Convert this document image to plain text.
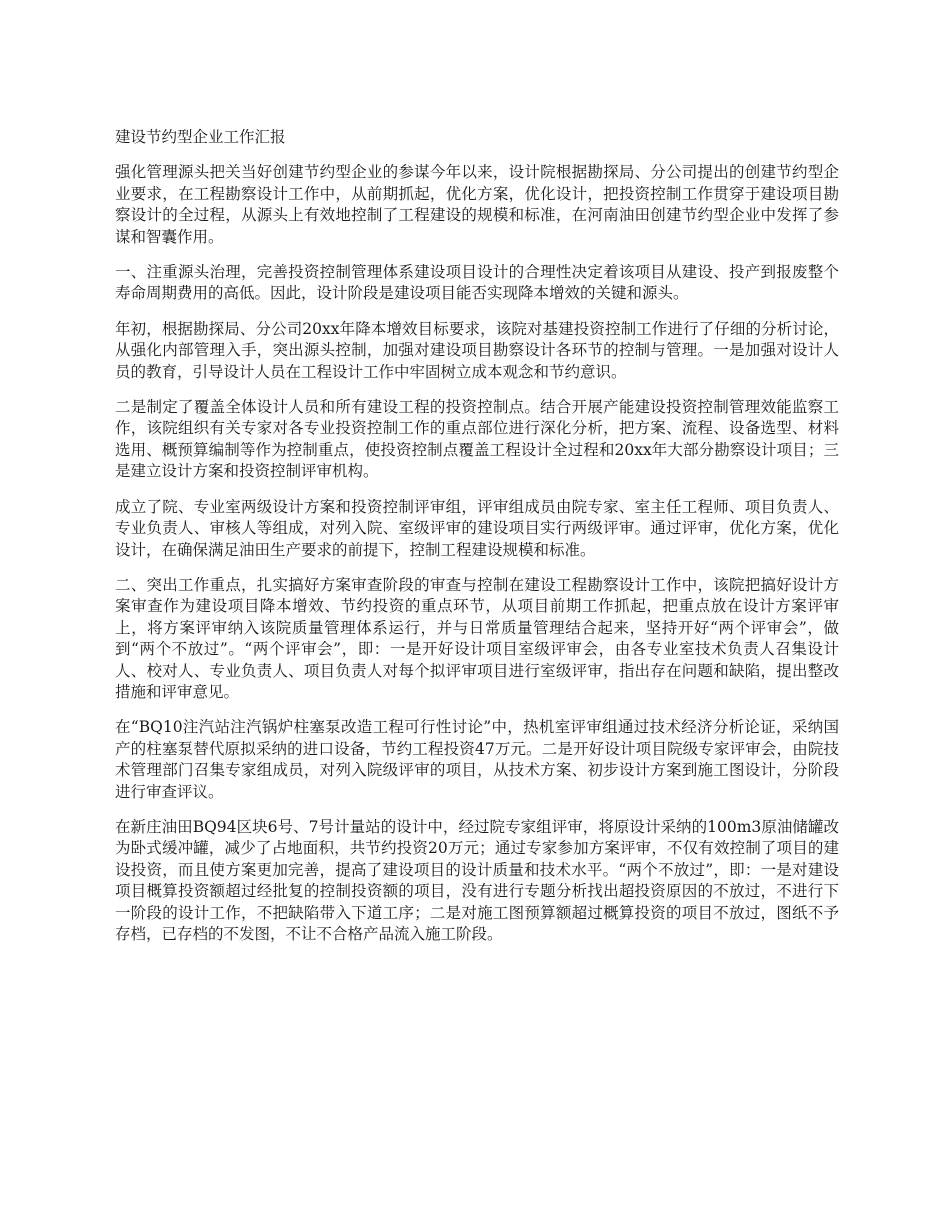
建设节约型企业工作汇报

强化管理源头把关当好创建节约型企业的参谋今年以来，设计院根据勘探局、分公司提出的创建节约型企业要求，在工程勘察设计工作中，从前期抓起，优化方案，优化设计，把投资控制工作贯穿于建设项目勘察设计的全过程，从源头上有效地控制了工程建设的规模和标准，在河南油田创建节约型企业中发挥了参谋和智囊作用。

一、注重源头治理，完善投资控制管理体系建设项目设计的合理性决定着该项目从建设、投产到报废整个寿命周期费用的高低。因此，设计阶段是建设项目能否实现降本增效的关键和源头。

年初，根据勘探局、分公司20xx年降本增效目标要求，该院对基建投资控制工作进行了仔细的分析讨论，从强化内部管理入手，突出源头控制，加强对建设项目勘察设计各环节的控制与管理。一是加强对设计人员的教育，引导设计人员在工程设计工作中牢固树立成本观念和节约意识。

二是制定了覆盖全体设计人员和所有建设工程的投资控制点。结合开展产能建设投资控制管理效能监察工作，该院组织有关专家对各专业投资控制工作的重点部位进行深化分析，把方案、流程、设备选型、材料选用、概预算编制等作为控制重点，使投资控制点覆盖工程设计全过程和20xx年大部分勘察设计项目；三是建立设计方案和投资控制评审机构。

成立了院、专业室两级设计方案和投资控制评审组，评审组成员由院专家、室主任工程师、项目负责人、专业负责人、审核人等组成，对列入院、室级评审的建设项目实行两级评审。通过评审，优化方案，优化设计，在确保满足油田生产要求的前提下，控制工程建设规模和标准。

二、突出工作重点，扎实搞好方案审查阶段的审查与控制在建设工程勘察设计工作中，该院把搞好设计方案审查作为建设项目降本增效、节约投资的重点环节，从项目前期工作抓起，把重点放在设计方案评审上，将方案评审纳入该院质量管理体系运行，并与日常质量管理结合起来，坚持开好“两个评审会”，做到“两个不放过”。“两个评审会”，即：一是开好设计项目室级评审会，由各专业室技术负责人召集设计人、校对人、专业负责人、项目负责人对每个拟评审项目进行室级评审，指出存在问题和缺陷，提出整改措施和评审意见。

在“BQ10注汽站注汽锅炉柱塞泵改造工程可行性讨论”中，热机室评审组通过技术经济分析论证，采纳国产的柱塞泵替代原拟采纳的进口设备，节约工程投资47万元。二是开好设计项目院级专家评审会，由院技术管理部门召集专家组成员，对列入院级评审的项目，从技术方案、初步设计方案到施工图设计，分阶段进行审查评议。

在新庄油田BQ94区块6号、7号计量站的设计中，经过院专家组评审，将原设计采纳的100m3原油储罐改为卧式缓冲罐，减少了占地面积，共节约投资20万元；通过专家参加方案评审，不仅有效控制了项目的建设投资，而且使方案更加完善，提高了建设项目的设计质量和技术水平。“两个不放过”，即：一是对建设项目概算投资额超过经批复的控制投资额的项目，没有进行专题分析找出超投资原因的不放过，不进行下一阶段的设计工作，不把缺陷带入下道工序；二是对施工图预算额超过概算投资的项目不放过，图纸不予存档，已存档的不发图，不让不合格产品流入施工阶段。
